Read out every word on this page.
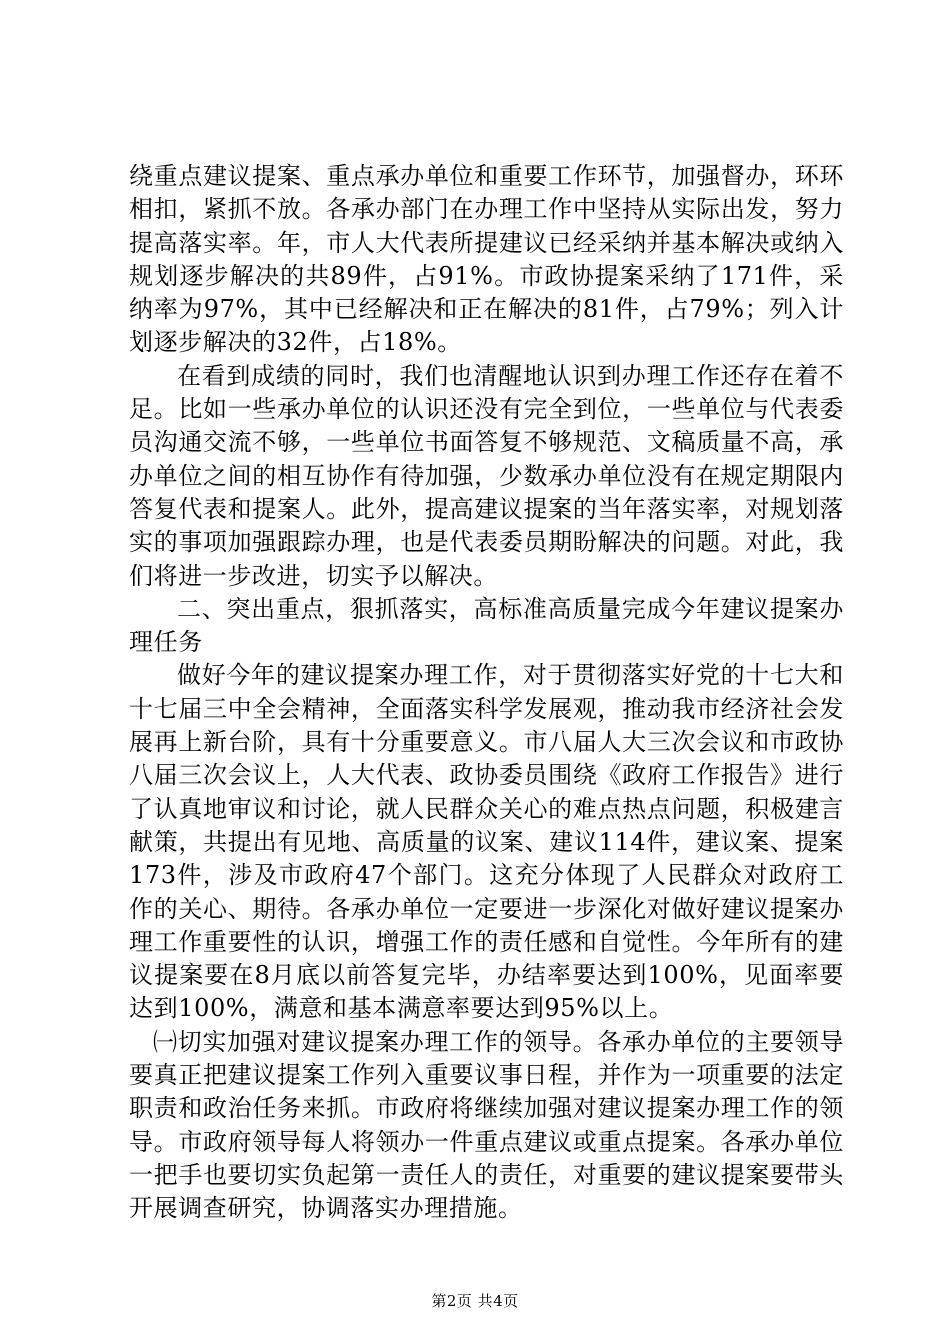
绕重点建议提案、重点承办单位和重要工作环节，加强督办，环环相扣，紧抓不放。各承办部门在办理工作中坚持从实际出发，努力提高落实率。年，市人大代表所提建议已经采纳并基本解决或纳入规划逐步解决的共89件，占91%。市政协提案采纳了171件，采纳率为97%，其中已经解决和正在解决的81件，占79%；列入计划逐步解决的32件，占18%。

在看到成绩的同时，我们也清醒地认识到办理工作还存在着不足。比如一些承办单位的认识还没有完全到位，一些单位与代表委员沟通交流不够，一些单位书面答复不够规范、文稿质量不高，承办单位之间的相互协作有待加强，少数承办单位没有在规定期限内答复代表和提案人。此外，提高建议提案的当年落实率，对规划落实的事项加强跟踪办理，也是代表委员期盼解决的问题。对此，我们将进一步改进，切实予以解决。

二、突出重点，狠抓落实，高标准高质量完成今年建议提案办理任务

做好今年的建议提案办理工作，对于贯彻落实好党的十七大和十七届三中全会精神，全面落实科学发展观，推动我市经济社会发展再上新台阶，具有十分重要意义。市八届人大三次会议和市政协八届三次会议上，人大代表、政协委员围绕《政府工作报告》进行了认真地审议和讨论，就人民群众关心的难点热点问题，积极建言献策，共提出有见地、高质量的议案、建议114件，建议案、提案173件，涉及市政府47个部门。这充分体现了人民群众对政府工作的关心、期待。各承办单位一定要进一步深化对做好建议提案办理工作重要性的认识，增强工作的责任感和自觉性。今年所有的建议提案要在8月底以前答复完毕，办结率要达到100%，见面率要达到100%，满意和基本满意率要达到95%以上。

㈠切实加强对建议提案办理工作的领导。各承办单位的主要领导要真正把建议提案工作列入重要议事日程，并作为一项重要的法定职责和政治任务来抓。市政府将继续加强对建议提案办理工作的领导。市政府领导每人将领办一件重点建议或重点提案。各承办单位一把手也要切实负起第一责任人的责任，对重要的建议提案要带头开展调查研究，协调落实办理措施。

第2页 共4页
